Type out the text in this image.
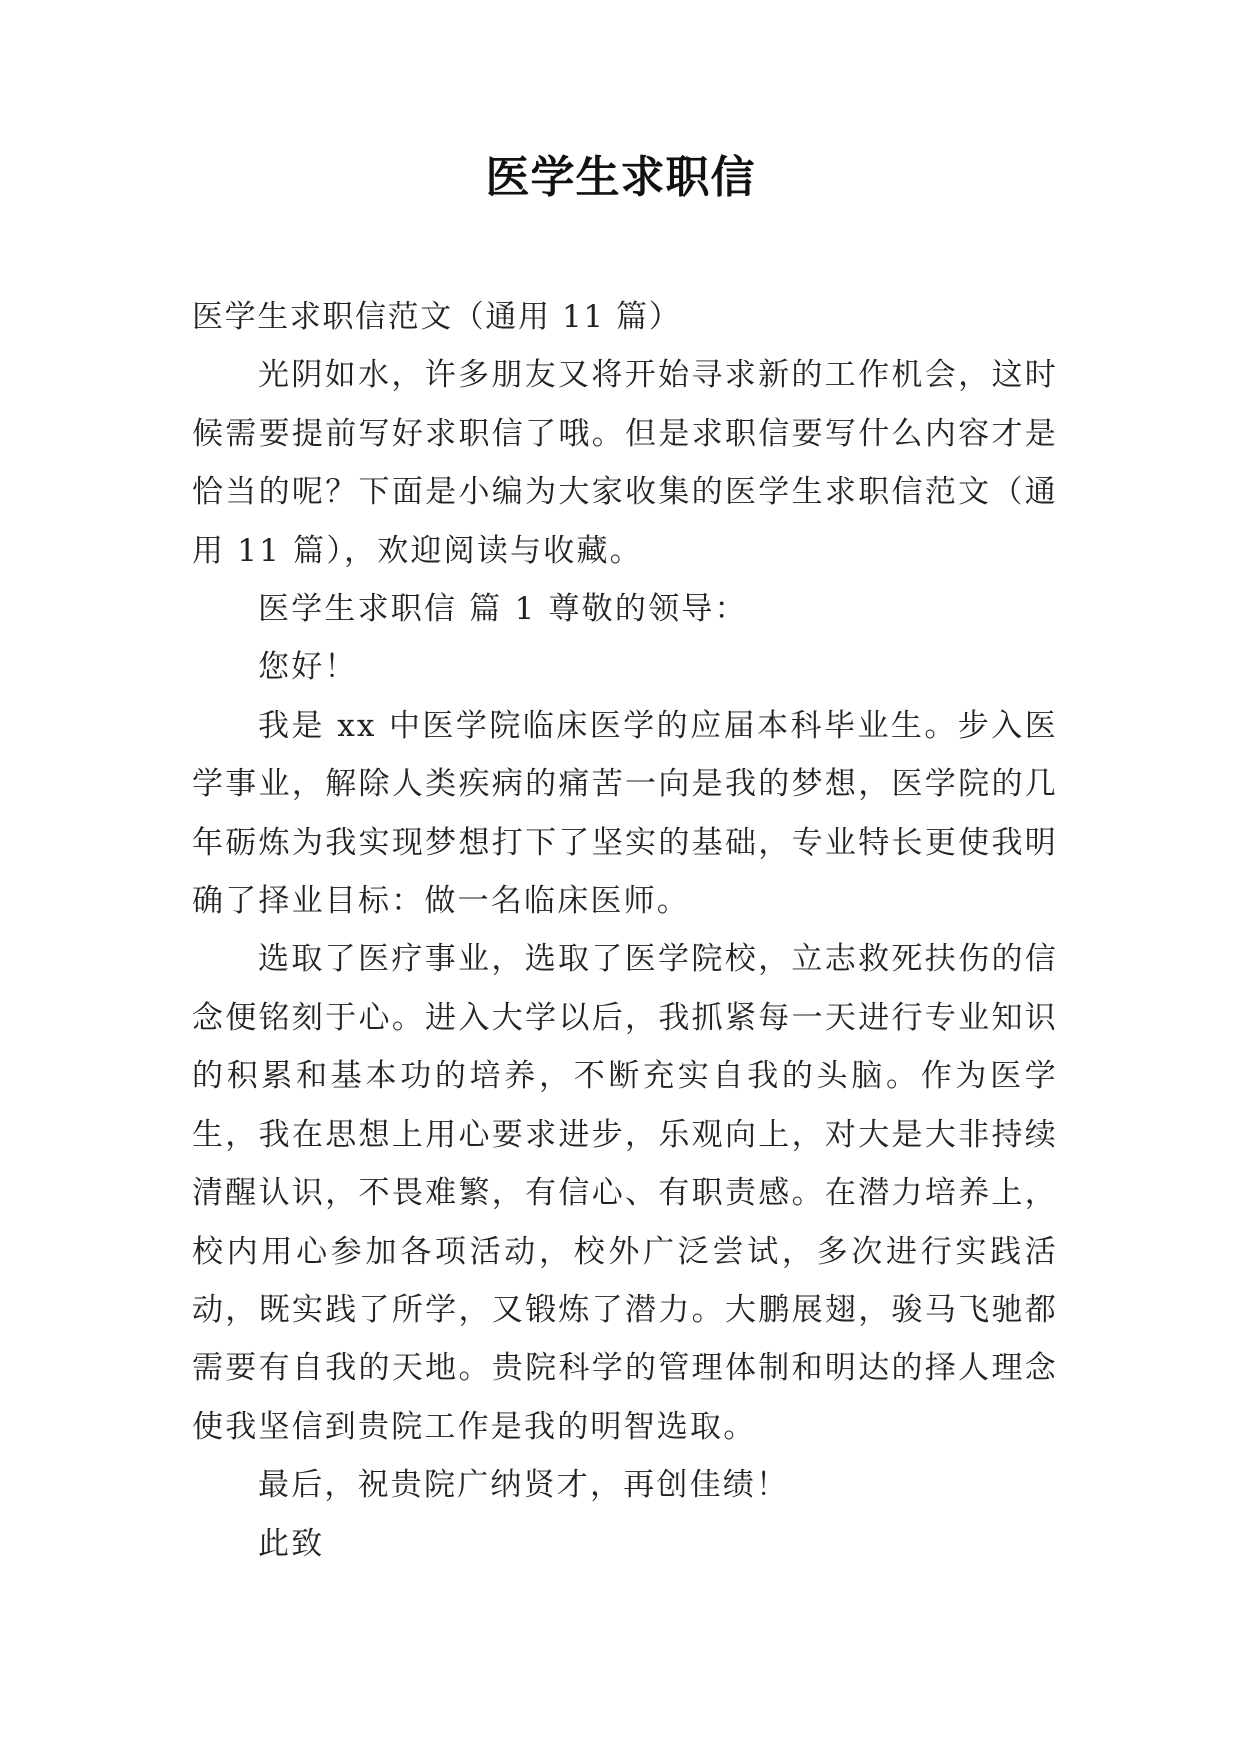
医学生求职信

医学生求职信范文（通用 11 篇）

光阴如水，许多朋友又将开始寻求新的工作机会，这时候需要提前写好求职信了哦。但是求职信要写什么内容才是恰当的呢？下面是小编为大家收集的医学生求职信范文（通用 11 篇），欢迎阅读与收藏。

医学生求职信 篇 1 尊敬的领导：

您好！

我是 xx 中医学院临床医学的应届本科毕业生。步入医学事业，解除人类疾病的痛苦一向是我的梦想，医学院的几年砺炼为我实现梦想打下了坚实的基础，专业特长更使我明确了择业目标：做一名临床医师。

选取了医疗事业，选取了医学院校，立志救死扶伤的信念便铭刻于心。进入大学以后，我抓紧每一天进行专业知识的积累和基本功的培养，不断充实自我的头脑。作为医学生，我在思想上用心要求进步，乐观向上，对大是大非持续清醒认识，不畏难繁，有信心、有职责感。在潜力培养上，校内用心参加各项活动，校外广泛尝试，多次进行实践活动，既实践了所学，又锻炼了潜力。大鹏展翅，骏马飞驰都需要有自我的天地。贵院科学的管理体制和明达的择人理念使我坚信到贵院工作是我的明智选取。

最后，祝贵院广纳贤才，再创佳绩！

此致
